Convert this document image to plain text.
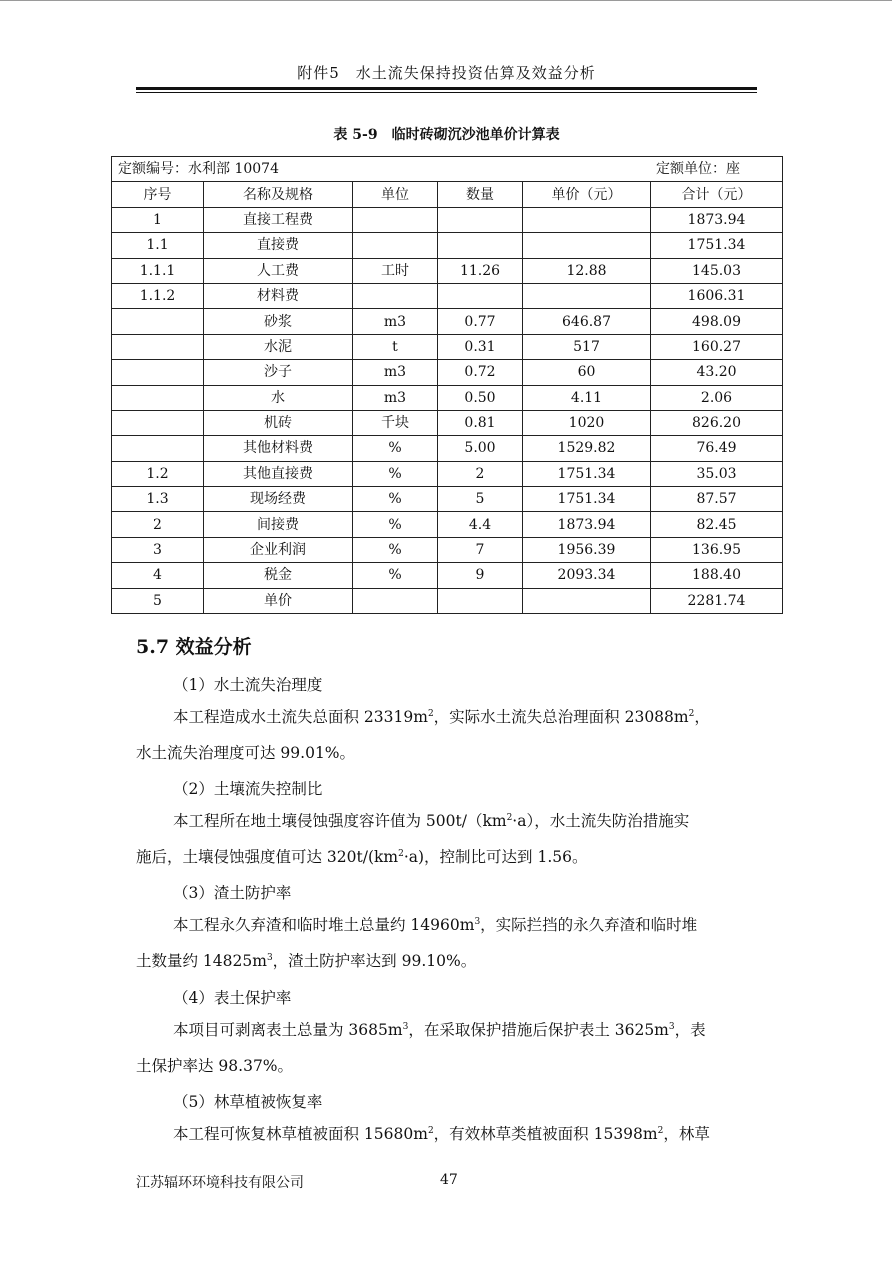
附件5　水土流失保持投资估算及效益分析
表 5-9　临时砖砌沉沙池单价计算表
定额编号：水利部 10074 定额单位：座					

序号	名称及规格	单位	数量	单价（元）	合计（元）
1	直接工程费				1873.94
1.1	直接费				1751.34
1.1.1	人工费	工时	11.26	12.88	145.03
1.1.2	材料费				1606.31
	砂浆	m3	0.77	646.87	498.09
	水泥	t	0.31	517	160.27
	沙子	m3	0.72	60	43.20
	水	m3	0.50	4.11	2.06
	机砖	千块	0.81	1020	826.20
	其他材料费	%	5.00	1529.82	76.49
1.2	其他直接费	%	2	1751.34	35.03
1.3	现场经费	%	5	1751.34	87.57
2	间接费	%	4.4	1873.94	82.45
3	企业利润	%	7	1956.39	136.95
4	税金	%	9	2093.34	188.40
5	单价				2281.74
5.7 效益分析
（1）水土流失治理度
本工程造成水土流失总面积 $23319m^2$，实际水土流失总治理面积 $23088m^2$，
水土流失治理度可达 99.01%。
（2）土壤流失控制比
本工程所在地土壤侵蚀强度容许值为 $500t/(km^2\cdot a)$，水土流失防治措施实
施后，土壤侵蚀强度值可达 $320t/(km^2\cdot a)$，控制比可达到 1.56。
（3）渣土防护率
本工程永久弃渣和临时堆土总量约 $14960m^3$，实际拦挡的永久弃渣和临时堆
土数量约 $14825m^3$，渣土防护率达到 99.10%。
（4）表土保护率
本项目可剥离表土总量为 $3685m^3$，在采取保护措施后保护表土 $3625m^3$，表
土保护率达 98.37%。
（5）林草植被恢复率
本工程可恢复林草植被面积 $15680m^2$，有效林草类植被面积 $15398m^2$，林草
江苏辐环环境科技有限公司	47
